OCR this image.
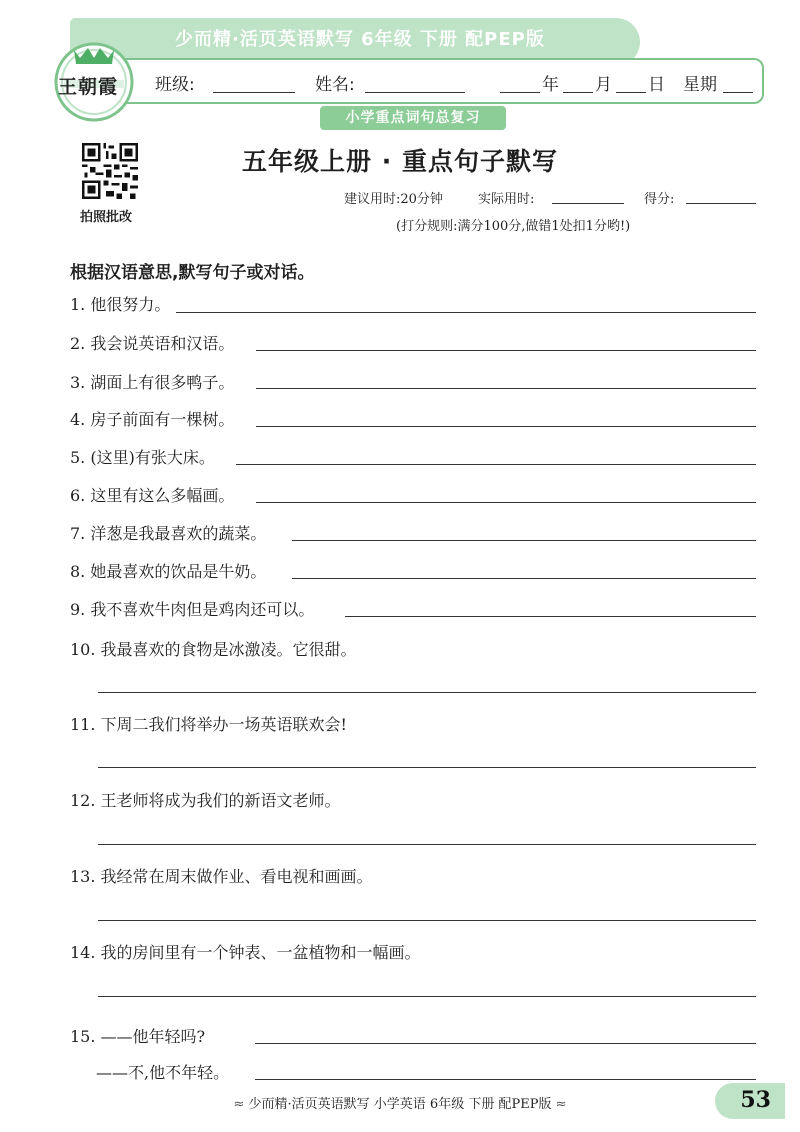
少而精·活页英语默写 6年级 下册 配PEP版
王朝霞 班级:	姓名:	年 月 日 星期
小学重点词句总复习
拍照批改
五年级上册 · 重点句子默写
建议用时:20分钟	实际用时:	得分:
(打分规则:满分100分,做错1处扣1分哟!)
根据汉语意思,默写句子或对话。
1. 他很努力。
2. 我会说英语和汉语。
3. 湖面上有很多鸭子。
4. 房子前面有一棵树。
5. (这里)有张大床。
6. 这里有这么多幅画。
7. 洋葱是我最喜欢的蔬菜。
8. 她最喜欢的饮品是牛奶。
9. 我不喜欢牛肉但是鸡肉还可以。
10. 我最喜欢的食物是冰激凌。它很甜。
11. 下周二我们将举办一场英语联欢会!
12. 王老师将成为我们的新语文老师。
13. 我经常在周末做作业、看电视和画画。
14. 我的房间里有一个钟表、一盆植物和一幅画。
15. ——他年轻吗?
——不,他不年轻。
≈ 少而精·活页英语默写 小学英语 6年级 下册 配PEP版 ≈	53
